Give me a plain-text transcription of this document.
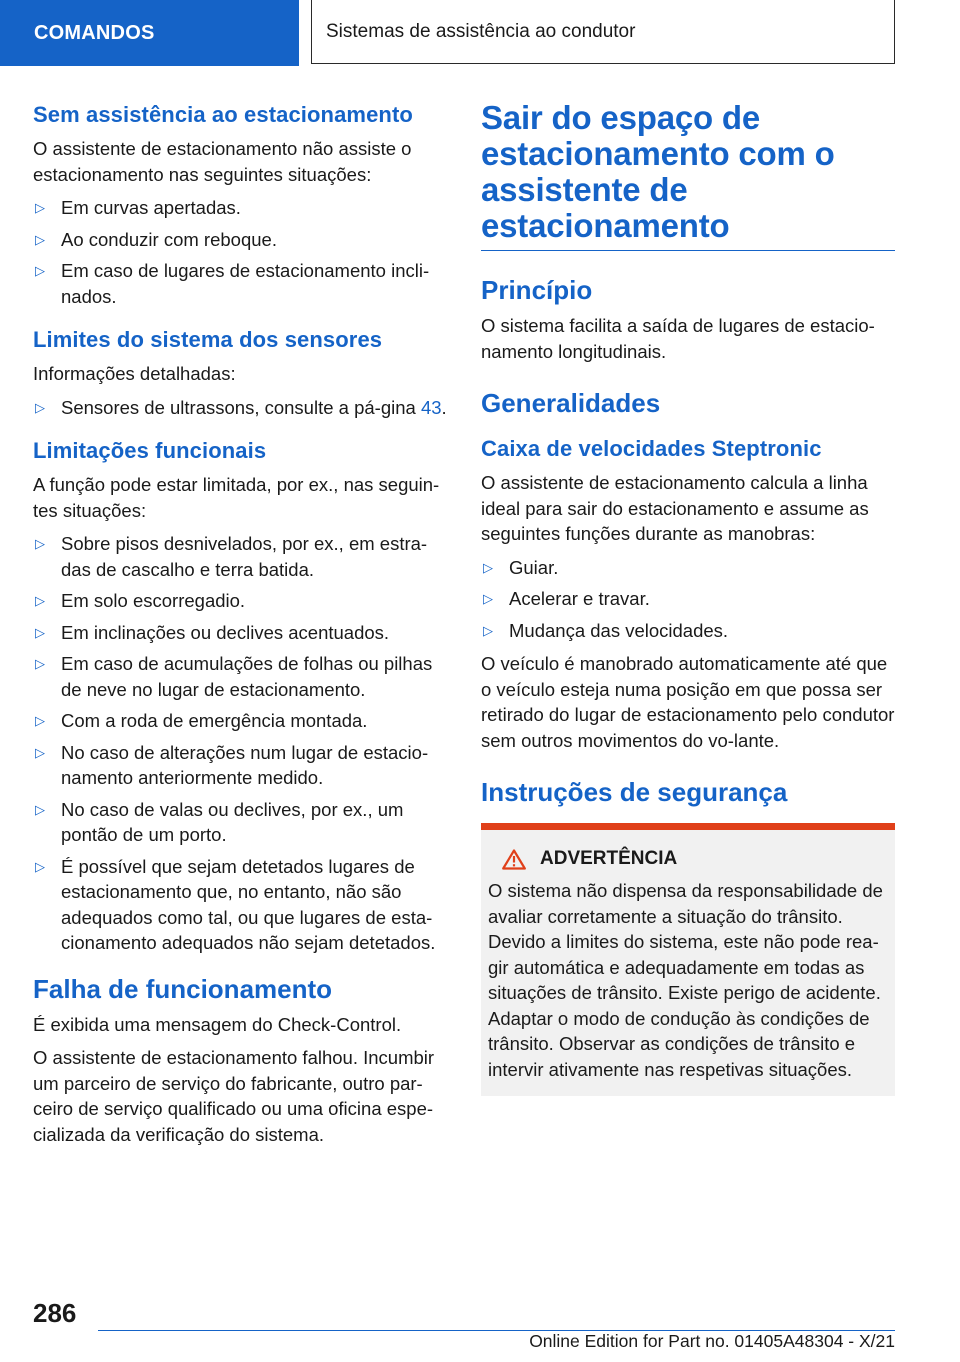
COMANDOS	Sistemas de assistência ao condutor
Sem assistência ao estacionamento

O assistente de estacionamento não assiste o estacionamento nas seguintes situações:

▷ Em curvas apertadas.
▷ Ao conduzir com reboque.
▷ Em caso de lugares de estacionamento incli-nados.
Limites do sistema dos sensores

Informações detalhadas:

▷ Sensores de ultrassons, consulte a pá-gina 43.
Limitações funcionais

A função pode estar limitada, por ex., nas seguin-tes situações:

▷ Sobre pisos desnivelados, por ex., em estra-das de cascalho e terra batida.
▷ Em solo escorregadio.
▷ Em inclinações ou declives acentuados.
▷ Em caso de acumulações de folhas ou pilhas de neve no lugar de estacionamento.
▷ Com a roda de emergência montada.
▷ No caso de alterações num lugar de estacio-namento anteriormente medido.
▷ No caso de valas ou declives, por ex., um pontão de um porto.
▷ É possível que sejam detetados lugares de estacionamento que, no entanto, não são adequados como tal, ou que lugares de esta-cionamento adequados não sejam detetados.
Falha de funcionamento

É exibida uma mensagem do Check-Control.

O assistente de estacionamento falhou. Incumbir um parceiro de serviço do fabricante, outro par-ceiro de serviço qualificado ou uma oficina espe-cializada da verificação do sistema.

Sair do espaço de estacionamento com o assistente de estacionamento
Princípio

O sistema facilita a saída de lugares de estacio-namento longitudinais.

Generalidades
Caixa de velocidades Steptronic

O assistente de estacionamento calcula a linha ideal para sair do estacionamento e assume as seguintes funções durante as manobras:

▷ Guiar.
▷ Acelerar e travar.
▷ Mudança das velocidades.

O veículo é manobrado automaticamente até que o veículo esteja numa posição em que possa ser retirado do lugar de estacionamento pelo condutor sem outros movimentos do vo-lante.

Instruções de segurança
ADVERTÊNCIA

O sistema não dispensa da responsabilidade de avaliar corretamente a situação do trânsito. Devido a limites do sistema, este não pode rea-gir automática e adequadamente em todas as situações de trânsito. Existe perigo de acidente. Adaptar o modo de condução às condições de trânsito. Observar as condições de trânsito e intervir ativamente nas respetivas situações.

286
Online Edition for Part no. 01405A48304 - X/21
